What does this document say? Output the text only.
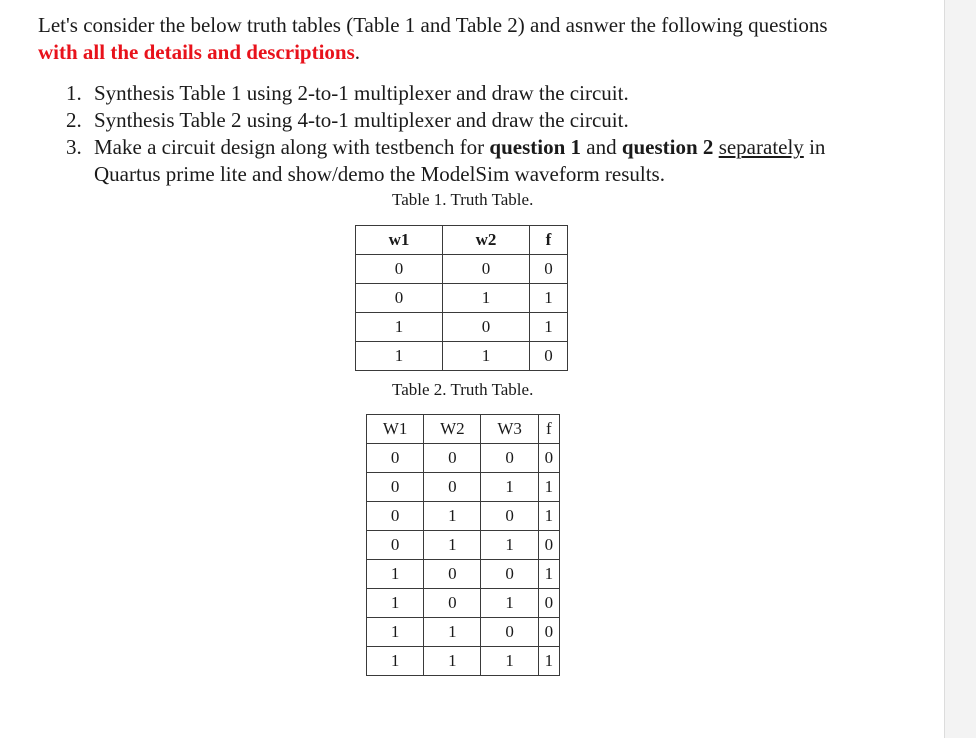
Let's consider the below truth tables (Table 1 and Table 2) and asnwer the following questions
with all the details and descriptions.
1. Synthesis Table 1 using 2-to-1 multiplexer and draw the circuit.
2. Synthesis Table 2 using 4-to-1 multiplexer and draw the circuit.
3. Make a circuit design along with testbench for question 1 and question 2 separately in Quartus prime lite and show/demo the ModelSim waveform results.
Table 1. Truth Table.
w1	w2	f
0	0	0
0	1	1
1	0	1
1	1	0
Table 2. Truth Table.
W1	W2	W3	f
0	0	0	0
0	0	1	1
0	1	0	1
0	1	1	0
1	0	0	1
1	0	1	0
1	1	0	0
1	1	1	1
